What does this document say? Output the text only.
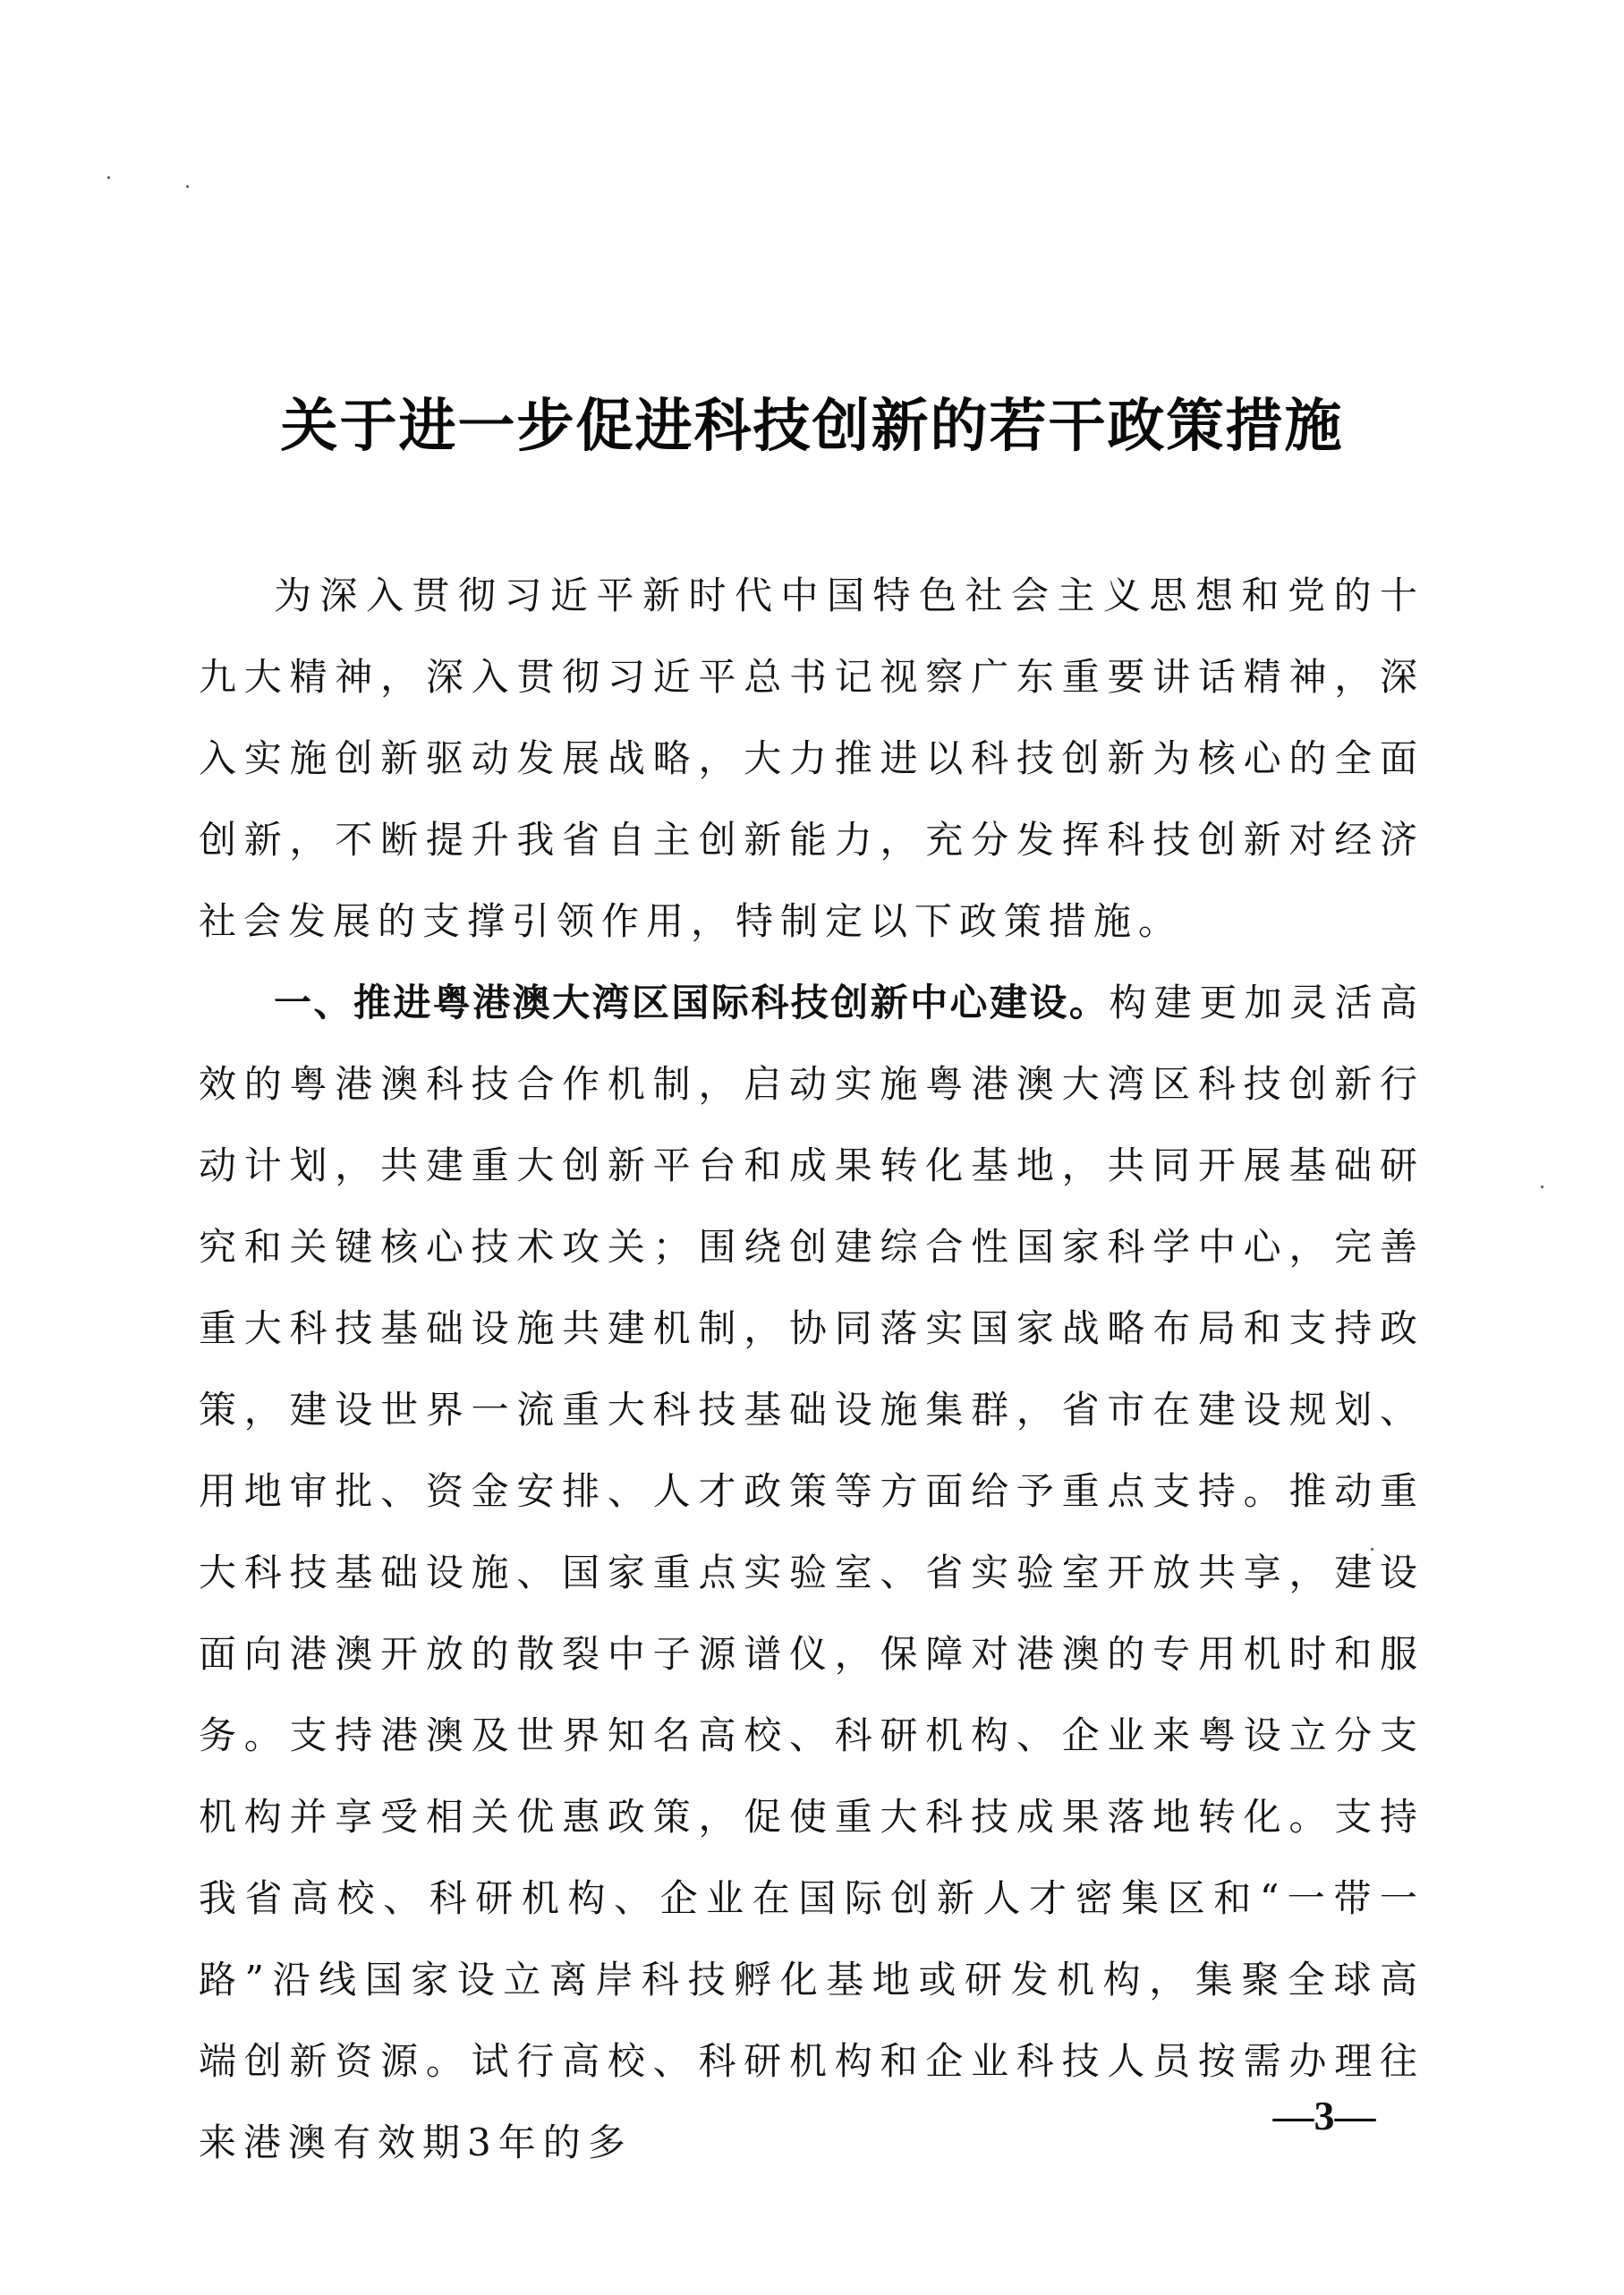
关于进一步促进科技创新的若干政策措施

为深入贯彻习近平新时代中国特色社会主义思想和党的十九大精神，深入贯彻习近平总书记视察广东重要讲话精神，深入实施创新驱动发展战略，大力推进以科技创新为核心的全面创新，不断提升我省自主创新能力，充分发挥科技创新对经济社会发展的支撑引领作用，特制定以下政策措施。

一、推进粤港澳大湾区国际科技创新中心建设。构建更加灵活高效的粤港澳科技合作机制，启动实施粤港澳大湾区科技创新行动计划，共建重大创新平台和成果转化基地，共同开展基础研究和关键核心技术攻关；围绕创建综合性国家科学中心，完善重大科技基础设施共建机制，协同落实国家战略布局和支持政策，建设世界一流重大科技基础设施集群，省市在建设规划、用地审批、资金安排、人才政策等方面给予重点支持。推动重大科技基础设施、国家重点实验室、省实验室开放共享，建设面向港澳开放的散裂中子源谱仪，保障对港澳的专用机时和服务。支持港澳及世界知名高校、科研机构、企业来粤设立分支机构并享受相关优惠政策，促使重大科技成果落地转化。支持我省高校、科研机构、企业在国际创新人才密集区和“一带一路”沿线国家设立离岸科技孵化基地或研发机构，集聚全球高端创新资源。试行高校、科研机构和企业科技人员按需办理往来港澳有效期3年的多

—3—
